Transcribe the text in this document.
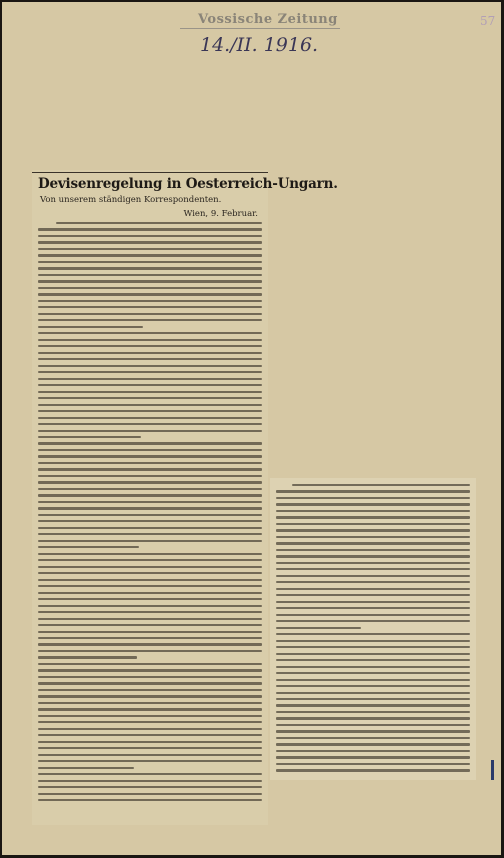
Vossische Zeitung
14./II. 1916.
57
Devisenregelung in Oesterreich-Ungarn.
Von unserem ständigen Korrespondenten.
Wien, 9. Februar.
